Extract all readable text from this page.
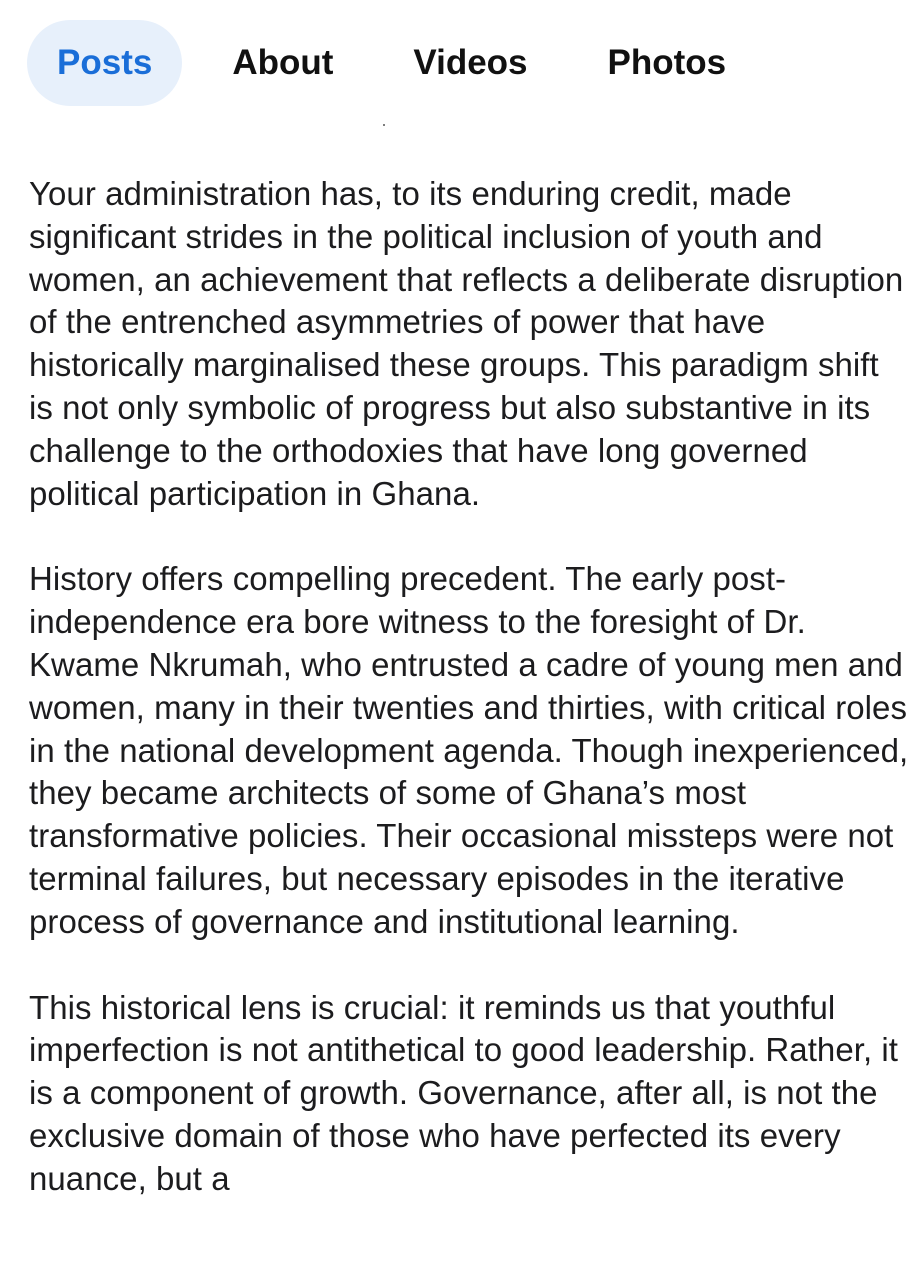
Posts	About	Videos	Photos

Your administration has, to its enduring credit, made significant strides in the political inclusion of youth and women, an achievement that reflects a deliberate disruption of the entrenched asymmetries of power that have historically marginalised these groups. This paradigm shift is not only symbolic of progress but also substantive in its challenge to the orthodoxies that have long governed political participation in Ghana.

History offers compelling precedent. The early post-independence era bore witness to the foresight of Dr. Kwame Nkrumah, who entrusted a cadre of young men and women, many in their twenties and thirties, with critical roles in the national development agenda. Though inexperienced, they became architects of some of Ghana’s most transformative policies. Their occasional missteps were not terminal failures, but necessary episodes in the iterative process of governance and institutional learning.

This historical lens is crucial: it reminds us that youthful imperfection is not antithetical to good leadership. Rather, it is a component of growth. Governance, after all, is not the exclusive domain of those who have perfected its every nuance, but a
